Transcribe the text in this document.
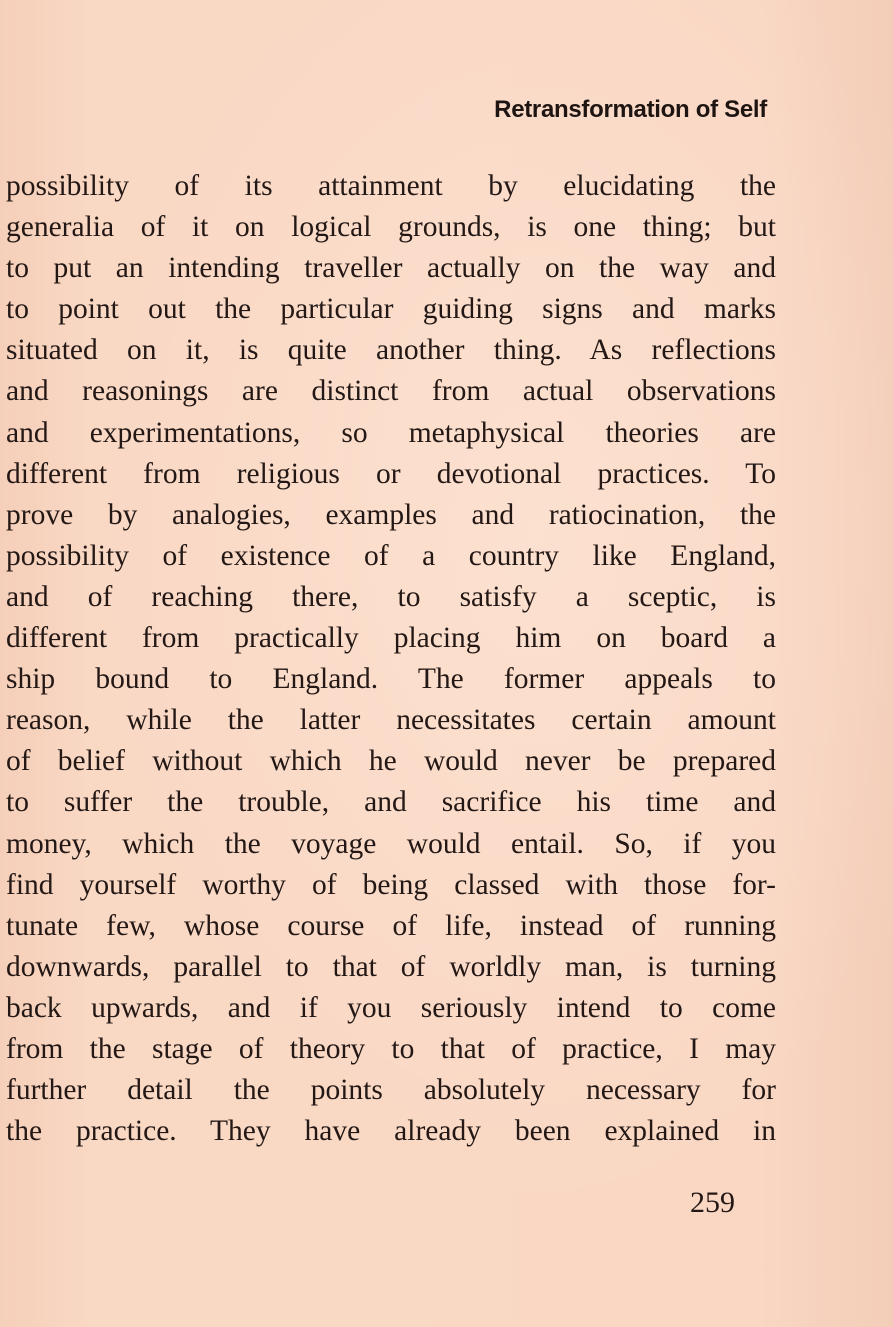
Retransformation of Self
possibility of its attainment by elucidating the
generalia of it on logical grounds, is one thing; but
to put an intending traveller actually on the way and
to point out the particular guiding signs and marks
situated on it, is quite another thing. As reflections
and reasonings are distinct from actual observations
and experimentations, so metaphysical theories are
different from religious or devotional practices. To
prove by analogies, examples and ratiocination, the
possibility of existence of a country like England,
and of reaching there, to satisfy a sceptic, is
different from practically placing him on board a
ship bound to England. The former appeals to
reason, while the latter necessitates certain amount
of belief without which he would never be prepared
to suffer the trouble, and sacrifice his time and
money, which the voyage would entail. So, if you
find yourself worthy of being classed with those for-
tunate few, whose course of life, instead of running
downwards, parallel to that of worldly man, is turning
back upwards, and if you seriously intend to come
from the stage of theory to that of practice, I may
further detail the points absolutely necessary for
the practice. They have already been explained in
259
